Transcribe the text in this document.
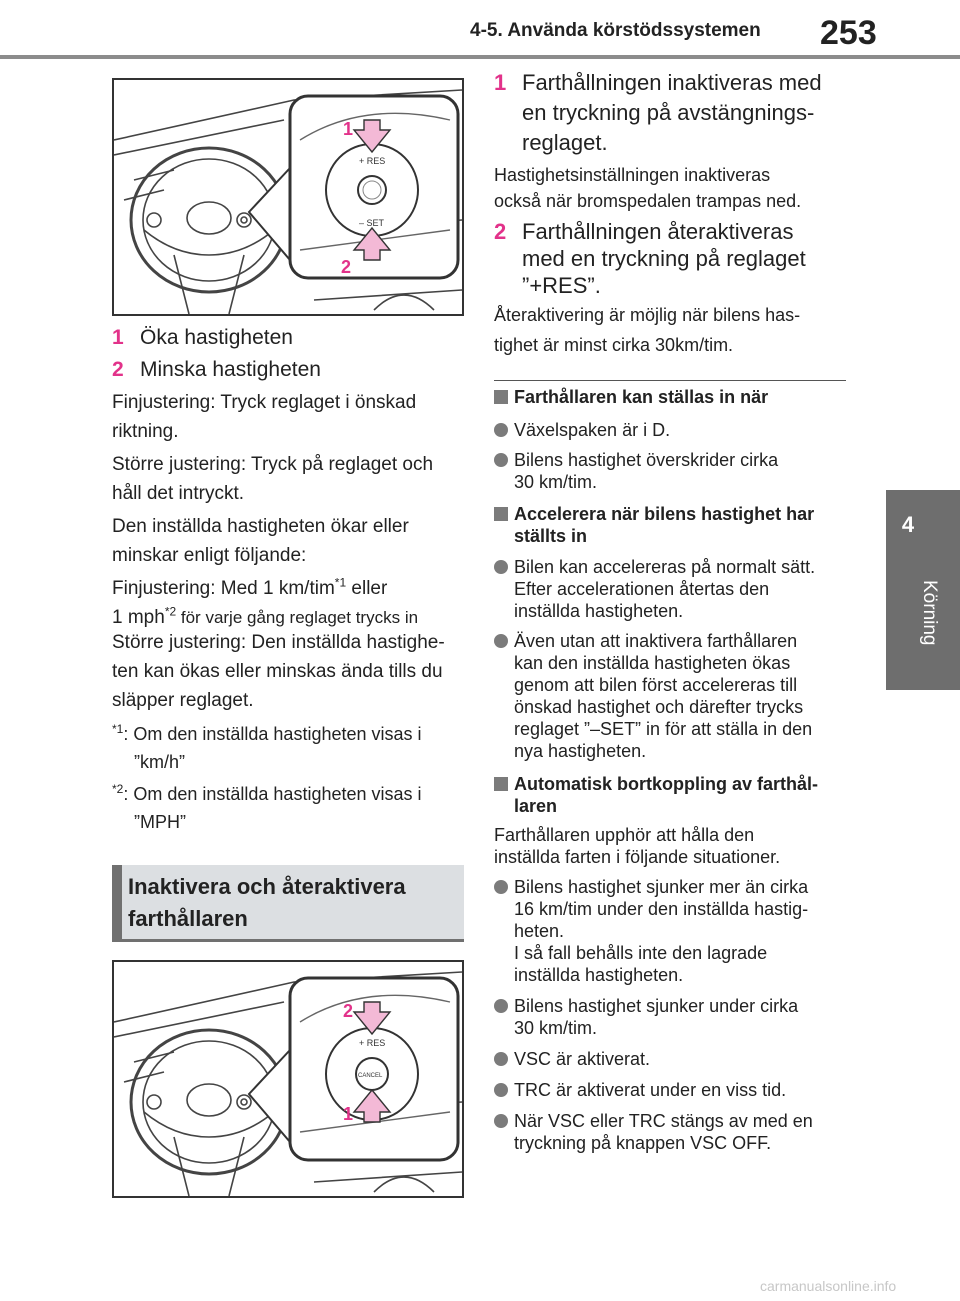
4-5. Använda körstödssystemen 253
4
Körning
+ RES
– SET
1
2
1 Öka hastigheten
2 Minska hastigheten
Finjustering: Tryck reglaget i önskad
riktning.
Större justering: Tryck på reglaget och
håll det intryckt.
Den inställda hastigheten ökar eller
minskar enligt följande:
Finjustering: Med 1 km/tim$^{*1}$ eller
1 mph$^{*2}$ för varje gång reglaget trycks in
Större justering: Den inställda hastighe-
ten kan ökas eller minskas ända tills du
släpper reglaget.
$^{*1}$: Om den inställda hastigheten visas i
”km/h”
$^{*2}$: Om den inställda hastigheten visas i
”MPH”
Inaktivera och återaktivera
farthållaren
+ RES
CANCEL
2
1
1 Farthållningen inaktiveras med
en tryckning på avstängnings-
reglaget.
Hastighetsinställningen inaktiveras
också när bromspedalen trampas ned.
2 Farthållningen återaktiveras
med en tryckning på reglaget
”+RES”.
Återaktivering är möjlig när bilens has-
tighet är minst cirka 30km/tim.
Farthållaren kan ställas in när
Växelspaken är i D.
Bilens hastighet överskrider cirka
30 km/tim.
Accelerera när bilens hastighet har
ställts in
Bilen kan accelereras på normalt sätt.
Efter accelerationen återtas den
inställda hastigheten.
Även utan att inaktivera farthållaren
kan den inställda hastigheten ökas
genom att bilen först accelereras till
önskad hastighet och därefter trycks
reglaget ”–SET” in för att ställa in den
nya hastigheten.
Automatisk bortkoppling av farthål-
laren
Farthållaren upphör att hålla den
inställda farten i följande situationer.
Bilens hastighet sjunker mer än cirka
16 km/tim under den inställda hastig-
heten.
I så fall behålls inte den lagrade
inställda hastigheten.
Bilens hastighet sjunker under cirka
30 km/tim.
VSC är aktiverat.
TRC är aktiverat under en viss tid.
När VSC eller TRC stängs av med en
tryckning på knappen VSC OFF.
carmanualsonline.info
